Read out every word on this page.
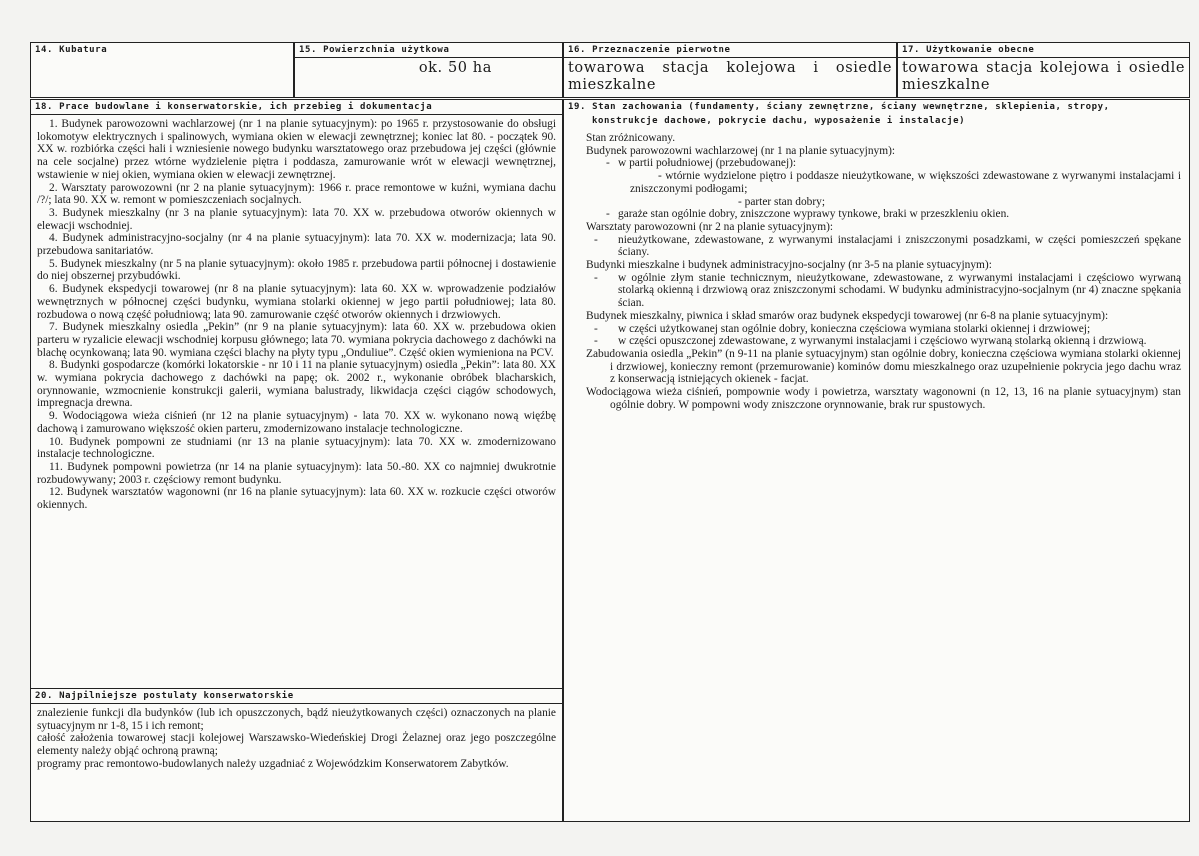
14. Kubatura	15. Powierzchnia użytkowa
ok. 50 ha
16. Przeznaczenie pierwotne
towarowa stacja kolejowa i osiedle
mieszkalne
17. Użytkowanie obecne
towarowa stacja kolejowa i osiedle
mieszkalne
18. Prace budowlane i konserwatorskie, ich przebieg i dokumentacja

1. Budynek parowozowni wachlarzowej (nr 1 na planie sytuacyjnym): po 1965 r. przystosowanie do obsługi lokomotyw elektrycznych i spalinowych, wymiana okien w elewacji zewnętrznej; koniec lat 80. - początek 90. XX w. rozbiórka części hali i wzniesienie nowego budynku warsztatowego oraz przebudowa jej części (głównie na cele socjalne) przez wtórne wydzielenie piętra i poddasza, zamurowanie wrót w elewacji wewnętrznej, wstawienie w niej okien, wymiana okien w elewacji zewnętrznej.

2. Warsztaty parowozowni (nr 2 na planie sytuacyjnym): 1966 r. prace remontowe w kuźni, wymiana dachu /?/; lata 90. XX w. remont w pomieszczeniach socjalnych.

3. Budynek mieszkalny (nr 3 na planie sytuacyjnym): lata 70. XX w. przebudowa otworów okiennych w elewacji wschodniej.

4. Budynek administracyjno-socjalny (nr 4 na planie sytuacyjnym): lata 70. XX w. modernizacja; lata 90. przebudowa sanitariatów.

5. Budynek mieszkalny (nr 5 na planie sytuacyjnym): około 1985 r. przebudowa partii północnej i dostawienie do niej obszernej przybudówki.

6. Budynek ekspedycji towarowej (nr 8 na planie sytuacyjnym): lata 60. XX w. wprowadzenie podziałów wewnętrznych w północnej części budynku, wymiana stolarki okiennej w jego partii południowej; lata 80. rozbudowa o nową część południową; lata 90. zamurowanie część otworów okiennych i drzwiowych.

7. Budynek mieszkalny osiedla „Pekin” (nr 9 na planie sytuacyjnym): lata 60. XX w. przebudowa okien parteru w ryzalicie elewacji wschodniej korpusu głównego; lata 70. wymiana pokrycia dachowego z dachówki na blachę ocynkowaną; lata 90. wymiana części blachy na płyty typu „Onduliue”. Część okien wymieniona na PCV.

8. Budynki gospodarcze (komórki lokatorskie - nr 10 i 11 na planie sytuacyjnym) osiedla „Pekin”: lata 80. XX w. wymiana pokrycia dachowego z dachówki na papę; ok. 2002 r., wykonanie obróbek blacharskich, orynnowanie, wzmocnienie konstrukcji galerii, wymiana balustrady, likwidacja części ciągów schodowych, impregnacja drewna.

9. Wodociągowa wieża ciśnień (nr 12 na planie sytuacyjnym) - lata 70. XX w. wykonano nową więźbę dachową i zamurowano większość okien parteru, zmodernizowano instalacje technologiczne.

10. Budynek pompowni ze studniami (nr 13 na planie sytuacyjnym): lata 70. XX w. zmodernizowano instalacje technologiczne.

11. Budynek pompowni powietrza (nr 14 na planie sytuacyjnym): lata 50.-80. XX co najmniej dwukrotnie rozbudowywany; 2003 r. częściowy remont budynku.

12. Budynek warsztatów wagonowni (nr 16 na planie sytuacyjnym): lata 60. XX w. rozkucie części otworów okiennych.

19. Stan zachowania (fundamenty, ściany zewnętrzne, ściany wewnętrzne, sklepienia, stropy,
konstrukcje dachowe, pokrycie dachu, wyposażenie i instalacje)

Stan zróżnicowany.

Budynek parowozowni wachlarzowej (nr 1 na planie sytuacyjnym):

- w partii południowej (przebudowanej):

- wtórnie wydzielone piętro i poddasze nieużytkowane, w większości zdewastowane z wyrwanymi instalacjami i zniszczonymi podłogami;

- parter stan dobry;

- garaże stan ogólnie dobry, zniszczone wyprawy tynkowe, braki w przeszkleniu okien.

Warsztaty parowozowni (nr 2 na planie sytuacyjnym):

- nieużytkowane, zdewastowane, z wyrwanymi instalacjami i zniszczonymi posadzkami, w części pomieszczeń spękane ściany.

Budynki mieszkalne i budynek administracyjno-socjalny (nr 3-5 na planie sytuacyjnym):

- w ogólnie złym stanie technicznym, nieużytkowane, zdewastowane, z wyrwanymi instalacjami i częściowo wyrwaną stolarką okienną i drzwiową oraz zniszczonymi schodami. W budynku administracyjno-socjalnym (nr 4) znaczne spękania ścian.

Budynek mieszkalny, piwnica i skład smarów oraz budynek ekspedycji towarowej (nr 6-8 na planie sytuacyjnym):

- w części użytkowanej stan ogólnie dobry, konieczna częściowa wymiana stolarki okiennej i drzwiowej;

- w części opuszczonej zdewastowane, z wyrwanymi instalacjami i częściowo wyrwaną stolarką okienną i drzwiową.

Zabudowania osiedla „Pekin” (n 9-11 na planie sytuacyjnym) stan ogólnie dobry, konieczna częściowa wymiana stolarki okiennej i drzwiowej, konieczny remont (przemurowanie) kominów domu mieszkalnego oraz uzupełnienie pokrycia jego dachu wraz z konserwacją istniejących okienek - facjat.

Wodociągowa wieża ciśnień, pompownie wody i powietrza, warsztaty wagonowni (n 12, 13, 16 na planie sytuacyjnym) stan ogólnie dobry. W pompowni wody zniszczone orynnowanie, brak rur spustowych.

20. Najpilniejsze postulaty konserwatorskie

znalezienie funkcji dla budynków (lub ich opuszczonych, bądź nieużytkowanych części) oznaczonych na planie sytuacyjnym nr 1-8, 15 i ich remont;

całość założenia towarowej stacji kolejowej Warszawsko-Wiedeńskiej Drogi Żelaznej oraz jego poszczególne elementy należy objąć ochroną prawną;

programy prac remontowo-budowlanych należy uzgadniać z Wojewódzkim Konserwatorem Zabytków.
